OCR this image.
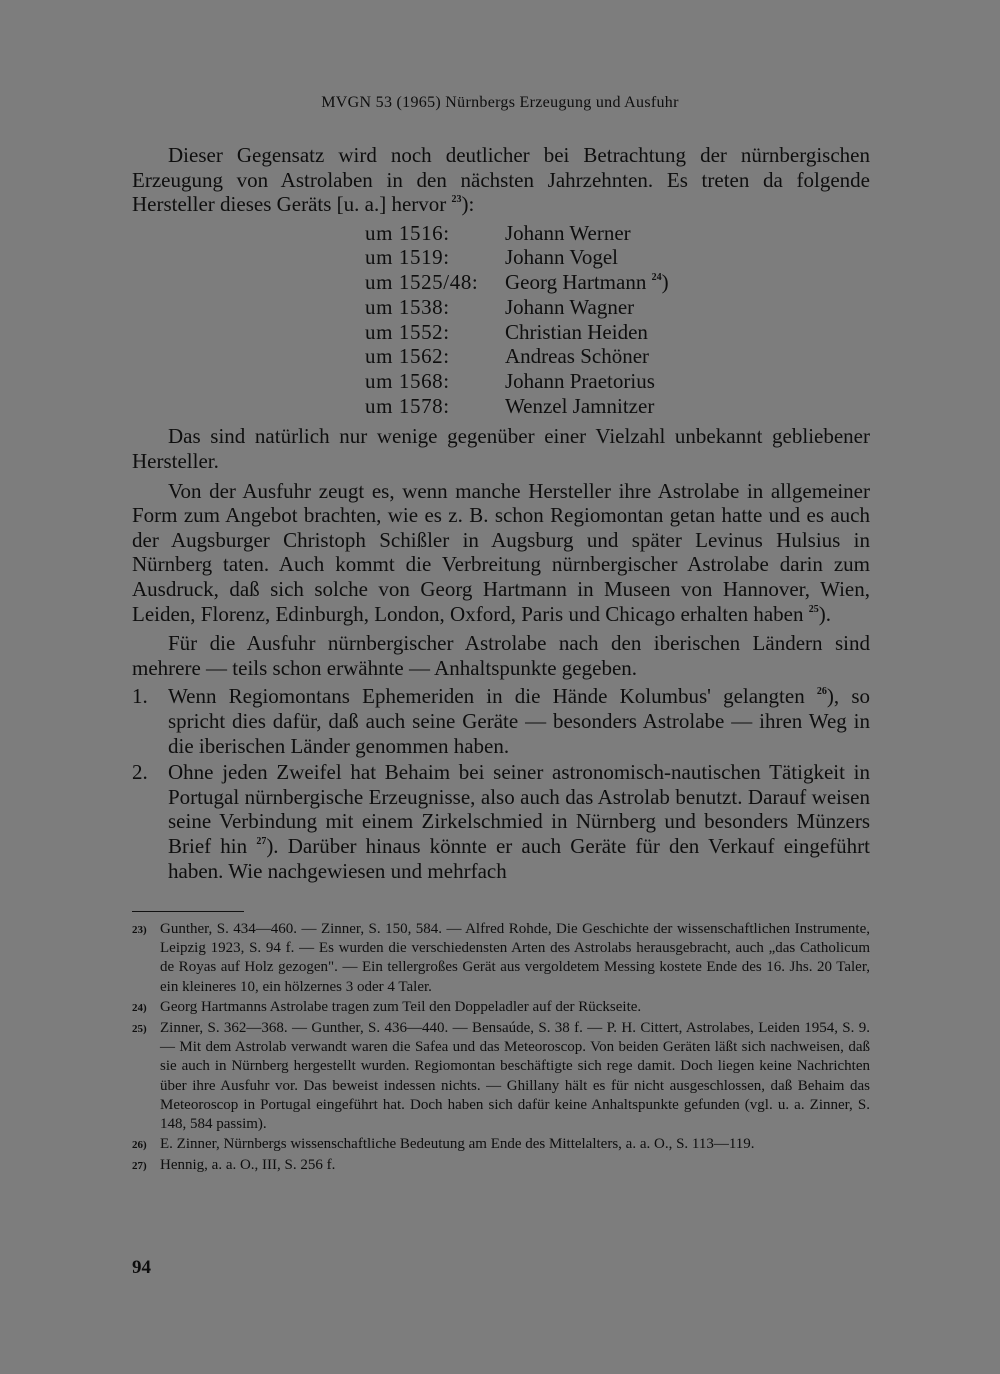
MVGN 53 (1965) Nürnbergs Erzeugung und Ausfuhr

Dieser Gegensatz wird noch deutlicher bei Betrachtung der nürnbergischen Erzeugung von Astrolaben in den nächsten Jahrzehnten. Es treten da folgende Hersteller dieses Geräts [u. a.] hervor $^{23}$):

um 1516:	Johann Werner
um 1519:	Johann Vogel
um 1525/48:	Georg Hartmann $^{24}$)
um 1538:	Johann Wagner
um 1552:	Christian Heiden
um 1562:	Andreas Schöner
um 1568:	Johann Praetorius
um 1578:	Wenzel Jamnitzer

Das sind natürlich nur wenige gegenüber einer Vielzahl unbekannt gebliebener Hersteller.

Von der Ausfuhr zeugt es, wenn manche Hersteller ihre Astrolabe in allgemeiner Form zum Angebot brachten, wie es z. B. schon Regiomontan getan hatte und es auch der Augsburger Christoph Schißler in Augsburg und später Levinus Hulsius in Nürnberg taten. Auch kommt die Verbreitung nürnbergischer Astrolabe darin zum Ausdruck, daß sich solche von Georg Hartmann in Museen von Hannover, Wien, Leiden, Florenz, Edinburgh, London, Oxford, Paris und Chicago erhalten haben $^{25}$).

Für die Ausfuhr nürnbergischer Astrolabe nach den iberischen Ländern sind mehrere — teils schon erwähnte — Anhaltspunkte gegeben.

1. Wenn Regiomontans Ephemeriden in die Hände Kolumbus' gelangten $^{26}$), so spricht dies dafür, daß auch seine Geräte — besonders Astrolabe — ihren Weg in die iberischen Länder genommen haben.
2. Ohne jeden Zweifel hat Behaim bei seiner astronomisch-nautischen Tätigkeit in Portugal nürnbergische Erzeugnisse, also auch das Astrolab benutzt. Darauf weisen seine Verbindung mit einem Zirkelschmied in Nürnberg und besonders Münzers Brief hin $^{27}$). Darüber hinaus könnte er auch Geräte für den Verkauf eingeführt haben. Wie nachgewiesen und mehrfach
23) Gunther, S. 434—460. — Zinner, S. 150, 584. — Alfred Rohde, Die Geschichte der wissenschaftlichen Instrumente, Leipzig 1923, S. 94 f. — Es wurden die verschiedensten Arten des Astrolabs herausgebracht, auch „das Catholicum de Royas auf Holz gezogen". — Ein tellergroßes Gerät aus vergoldetem Messing kostete Ende des 16. Jhs. 20 Taler, ein kleineres 10, ein hölzernes 3 oder 4 Taler.
24) Georg Hartmanns Astrolabe tragen zum Teil den Doppeladler auf der Rückseite.
25) Zinner, S. 362—368. — Gunther, S. 436—440. — Bensaúde, S. 38 f. — P. H. Cittert, Astrolabes, Leiden 1954, S. 9. — Mit dem Astrolab verwandt waren die Safea und das Meteoroscop. Von beiden Geräten läßt sich nachweisen, daß sie auch in Nürnberg hergestellt wurden. Regiomontan beschäftigte sich rege damit. Doch liegen keine Nachrichten über ihre Ausfuhr vor. Das beweist indessen nichts. — Ghillany hält es für nicht ausgeschlossen, daß Behaim das Meteoroscop in Portugal eingeführt hat. Doch haben sich dafür keine Anhaltspunkte gefunden (vgl. u. a. Zinner, S. 148, 584 passim).
26) E. Zinner, Nürnbergs wissenschaftliche Bedeutung am Ende des Mittelalters, a. a. O., S. 113—119.
27) Hennig, a. a. O., III, S. 256 f.
94
